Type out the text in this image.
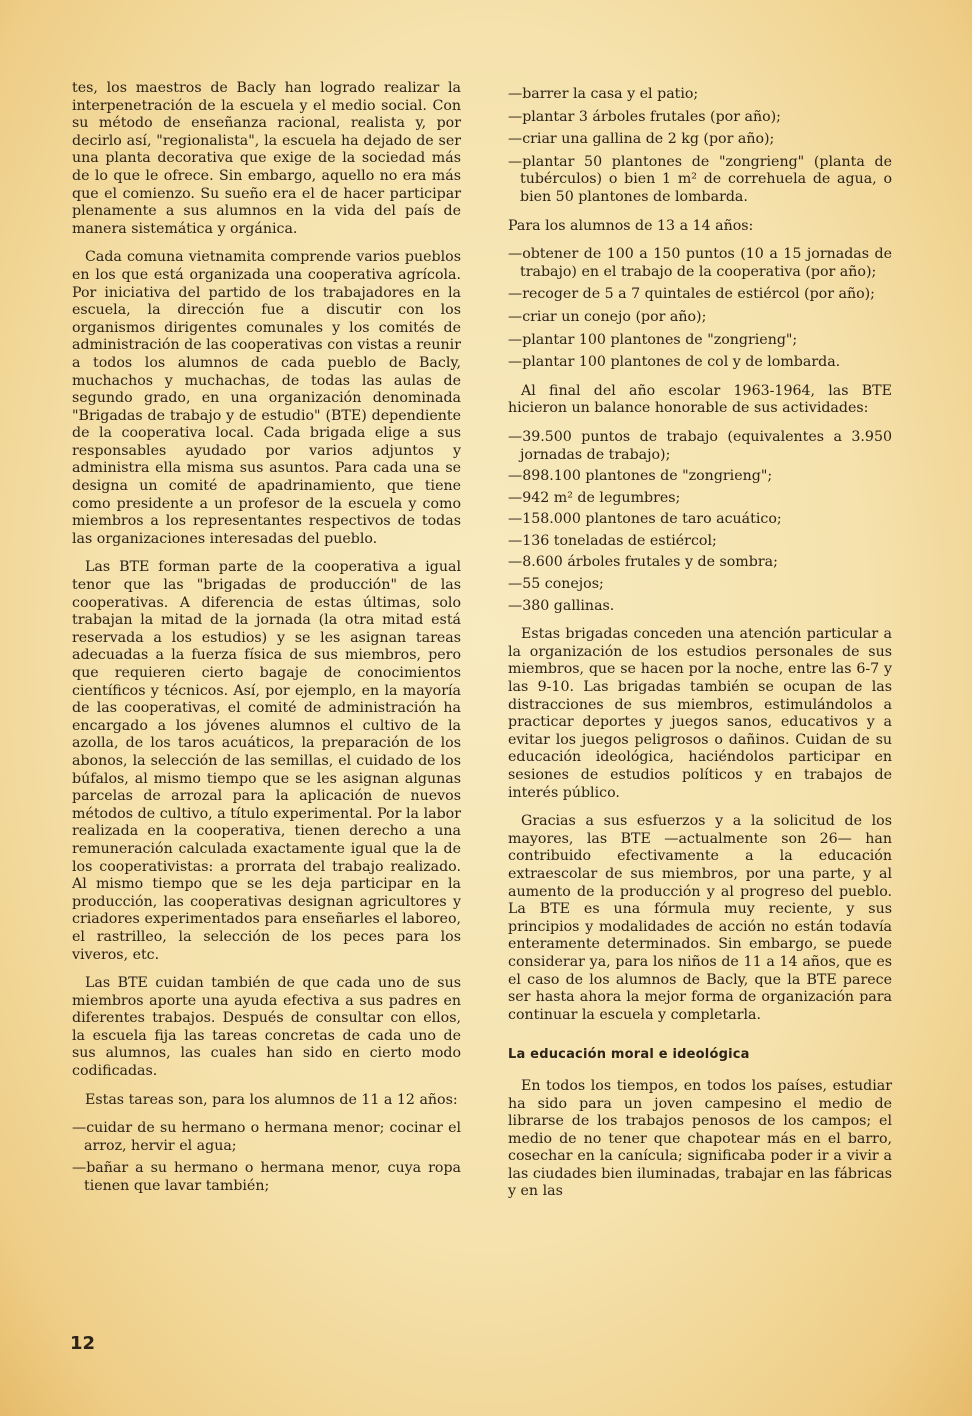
tes, los maestros de Bacly han logrado realizar la interpenetración de la escuela y el medio social. Con su método de enseñanza racional, realista y, por decirlo así, "regionalista", la escuela ha dejado de ser una planta decorativa que exige de la sociedad más de lo que le ofrece. Sin embargo, aquello no era más que el comienzo. Su sueño era el de hacer participar plenamente a sus alumnos en la vida del país de manera sistemática y orgánica.

Cada comuna vietnamita comprende varios pueblos en los que está organizada una cooperativa agrícola. Por iniciativa del partido de los trabajadores en la escuela, la dirección fue a discutir con los organismos dirigentes comunales y los comités de administración de las cooperativas con vistas a reunir a todos los alumnos de cada pueblo de Bacly, muchachos y muchachas, de todas las aulas de segundo grado, en una organización denominada "Brigadas de trabajo y de estudio" (BTE) dependiente de la cooperativa local. Cada brigada elige a sus responsables ayudado por varios adjuntos y administra ella misma sus asuntos. Para cada una se designa un comité de apadrinamiento, que tiene como presidente a un profesor de la escuela y como miembros a los representantes respectivos de todas las organizaciones interesadas del pueblo.

Las BTE forman parte de la cooperativa a igual tenor que las "brigadas de producción" de las cooperativas. A diferencia de estas últimas, solo trabajan la mitad de la jornada (la otra mitad está reservada a los estudios) y se les asignan tareas adecuadas a la fuerza física de sus miembros, pero que requieren cierto bagaje de conocimientos científicos y técnicos. Así, por ejemplo, en la mayoría de las cooperativas, el comité de administración ha encargado a los jóvenes alumnos el cultivo de la azolla, de los taros acuáticos, la preparación de los abonos, la selección de las semillas, el cuidado de los búfalos, al mismo tiempo que se les asignan algunas parcelas de arrozal para la aplicación de nuevos métodos de cultivo, a título experimental. Por la labor realizada en la cooperativa, tienen derecho a una remuneración calculada exactamente igual que la de los cooperativistas: a prorrata del trabajo realizado. Al mismo tiempo que se les deja participar en la producción, las cooperativas designan agricultores y criadores experimentados para enseñarles el laboreo, el rastrilleo, la selección de los peces para los viveros, etc.

Las BTE cuidan también de que cada uno de sus miembros aporte una ayuda efectiva a sus padres en diferentes trabajos. Después de consultar con ellos, la escuela fija las tareas concretas de cada uno de sus alumnos, las cuales han sido en cierto modo codificadas.

Estas tareas son, para los alumnos de 11 a 12 años:

—cuidar de su hermano o hermana menor; cocinar el arroz, hervir el agua;
—bañar a su hermano o hermana menor, cuya ropa tienen que lavar también;
—barrer la casa y el patio;
—plantar 3 árboles frutales (por año);
—criar una gallina de 2 kg (por año);
—plantar 50 plantones de "zongrieng" (planta de tubérculos) o bien 1 m² de correhuela de agua, o bien 50 plantones de lombarda.

Para los alumnos de 13 a 14 años:

—obtener de 100 a 150 puntos (10 a 15 jornadas de trabajo) en el trabajo de la cooperativa (por año);
—recoger de 5 a 7 quintales de estiércol (por año);
—criar un conejo (por año);
—plantar 100 plantones de "zongrieng";
—plantar 100 plantones de col y de lombarda.

Al final del año escolar 1963-1964, las BTE hicieron un balance honorable de sus actividades:

—39.500 puntos de trabajo (equivalentes a 3.950 jornadas de trabajo);
—898.100 plantones de "zongrieng";
—942 m² de legumbres;
—158.000 plantones de taro acuático;
—136 toneladas de estiércol;
—8.600 árboles frutales y de sombra;
—55 conejos;
—380 gallinas.

Estas brigadas conceden una atención particular a la organización de los estudios personales de sus miembros, que se hacen por la noche, entre las 6-7 y las 9-10. Las brigadas también se ocupan de las distracciones de sus miembros, estimulándolos a practicar deportes y juegos sanos, educativos y a evitar los juegos peligrosos o dañinos. Cuidan de su educación ideológica, haciéndolos participar en sesiones de estudios políticos y en trabajos de interés público.

Gracias a sus esfuerzos y a la solicitud de los mayores, las BTE —actualmente son 26— han contribuido efectivamente a la educación extraescolar de sus miembros, por una parte, y al aumento de la producción y al progreso del pueblo. La BTE es una fórmula muy reciente, y sus principios y modalidades de acción no están todavía enteramente determinados. Sin embargo, se puede considerar ya, para los niños de 11 a 14 años, que es el caso de los alumnos de Bacly, que la BTE parece ser hasta ahora la mejor forma de organización para continuar la escuela y completarla.

La educación moral e ideológica

En todos los tiempos, en todos los países, estudiar ha sido para un joven campesino el medio de librarse de los trabajos penosos de los campos; el medio de no tener que chapotear más en el barro, cosechar en la canícula; significaba poder ir a vivir a las ciudades bien iluminadas, trabajar en las fábricas y en las

12
